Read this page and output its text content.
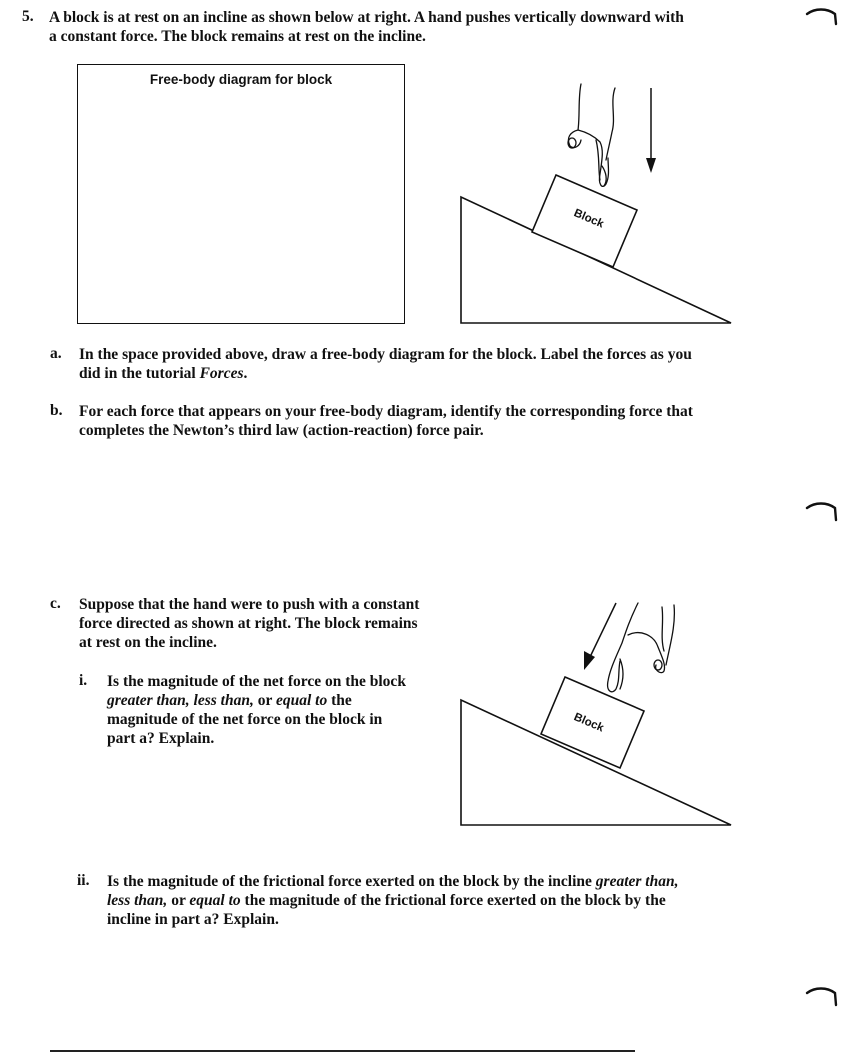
5. A block is at rest on an incline as shown below at right. A hand pushes vertically downward with
a constant force. The block remains at rest on the incline.
Free-body diagram for block
Block
a. In the space provided above, draw a free-body diagram for the block. Label the forces as you
did in the tutorial Forces.
b. For each force that appears on your free-body diagram, identify the corresponding force that
completes the Newton’s third law (action-reaction) force pair.
c. Suppose that the hand were to push with a constant
force directed as shown at right. The block remains
at rest on the incline.
i. Is the magnitude of the net force on the block
greater than, less than, or equal to the
magnitude of the net force on the block in
part a? Explain.
Block
ii. Is the magnitude of the frictional force exerted on the block by the incline greater than,
less than, or equal to the magnitude of the frictional force exerted on the block by the
incline in part a? Explain.
